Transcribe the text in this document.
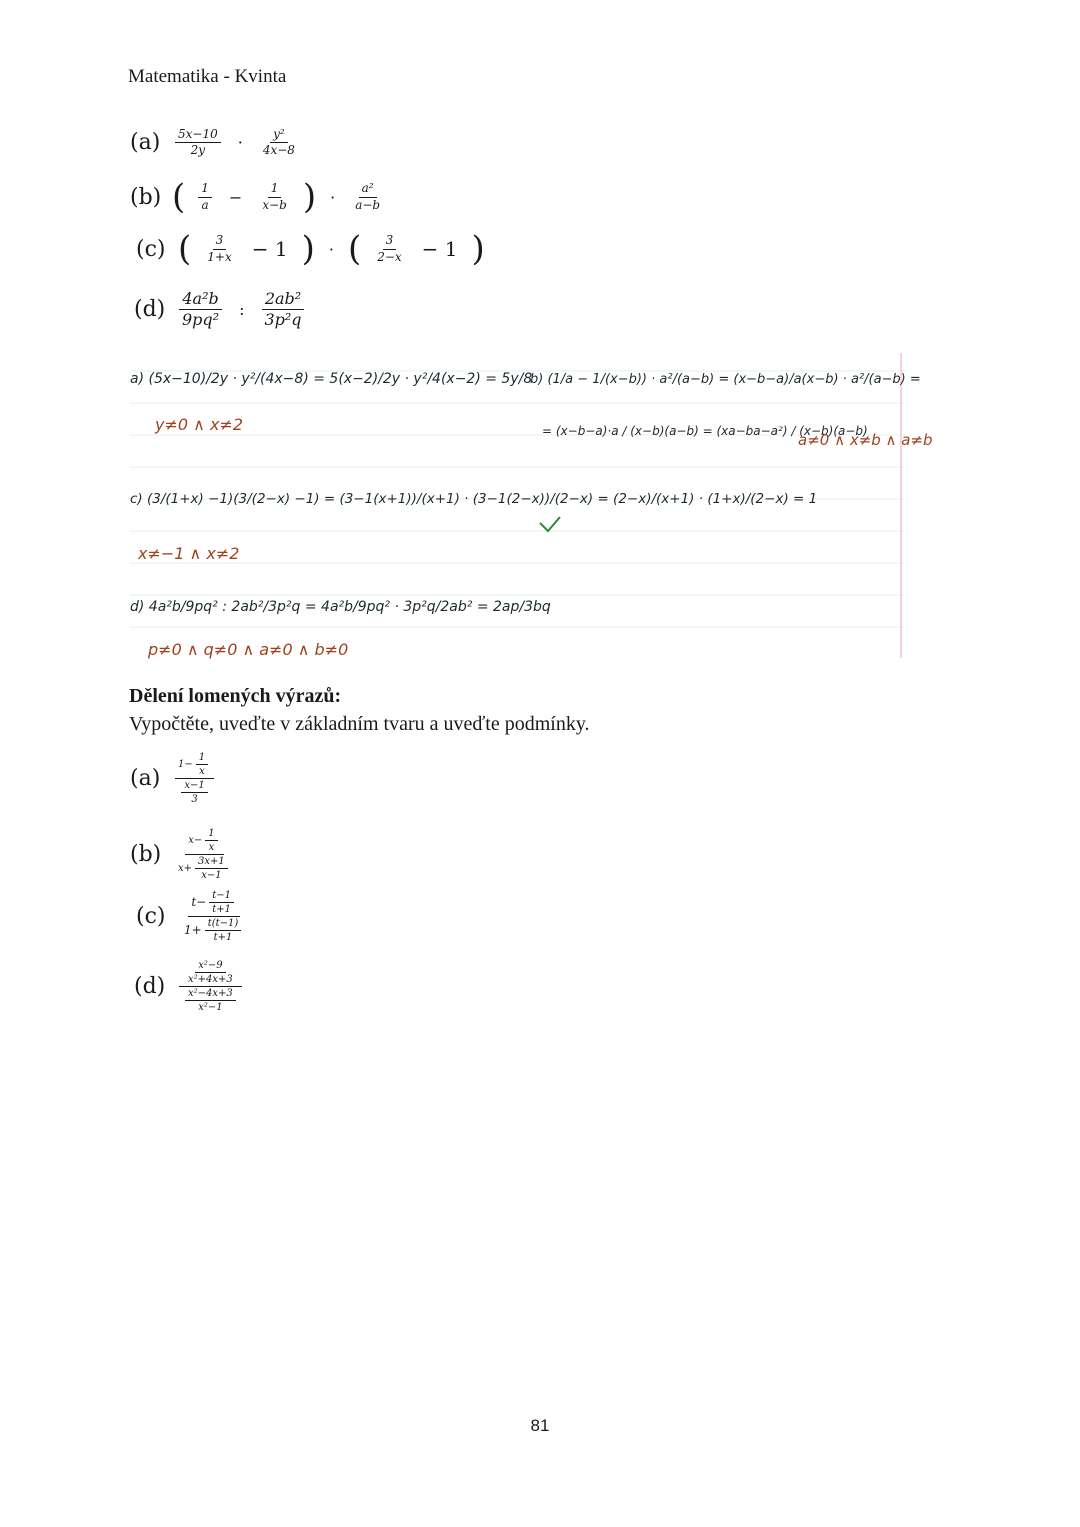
Matematika - Kvinta
$(a) \frac{5x-10}{2y} \cdot \frac{\text{y²}}{4x-8}$
(b) ( $\frac{1}{a} - \frac{1}{x-b}$ ) · $\frac{\text{a²}}{a-b}$
(c) ( $\frac{3}{1+x} - 1$ ) · ( $\frac{3}{2-x} - 1$ )
$(d) \frac{\text{4a²b}}{\text{9pq²}}$ : $\frac{\text{2ab²}}{\text{3p²q}}$
a) (5x−10)/2y · y²/(4x−8) = 5(x−2)/2y · y²/4(x−2) = 5y/8
y≠0 ∧ x≠2
b) (1/a − 1/(x−b)) · a²/(a−b) = (x−b−a)/a(x−b) · a²/(a−b) =
= (x−b−a)·a / (x−b)(a−b) = (xa−ba−a²) / (x−b)(a−b)
a≠0 ∧ x≠b ∧ a≠b
c) (3/(1+x) −1)(3/(2−x) −1) = (3−1(x+1))/(x+1) · (3−1(2−x))/(2−x) = (2−x)/(x+1) · (1+x)/(2−x) = 1
x≠−1 ∧ x≠2
d) 4a²b/9pq² : 2ab²/3p²q = 4a²b/9pq² · 3p²q/2ab² = 2ap/3bq
p≠0 ∧ q≠0 ∧ a≠0 ∧ b≠0
Dělení lomených výrazů:
Vypočtěte, uveďte v základním tvaru a uveďte podmínky.
$(a) \frac{1- \frac{1}{x}}{\frac{x-1}{3}}$
$(b) \frac{x- \frac{1}{x}}{x+ \frac{3x+1}{x-1}}$
$(c) \frac{t- \frac{t-1}{t+1}}{1+ \frac{t(t-1)}{t+1}}$
$(d) \frac{\frac{\text{x²−9}}{\text{x²+4x+3}}}{\frac{\text{x²−4x+3}}{\text{x²−1}}}$
81
